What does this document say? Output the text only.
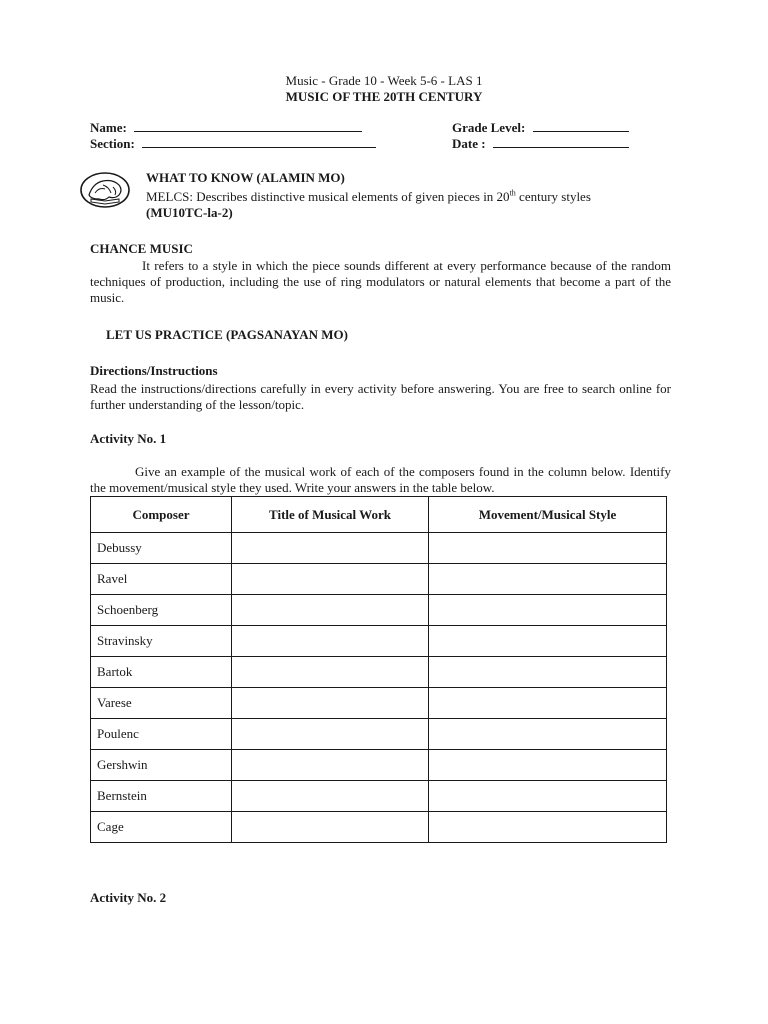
Music - Grade 10 - Week 5-6 - LAS 1
MUSIC OF THE 20TH CENTURY
Name:
Section:
Grade Level:
Date :
WHAT TO KNOW (ALAMIN MO)
MELCS: Describes distinctive musical elements of given pieces in 20th century styles
(MU10TC-la-2)
CHANCE MUSIC
It refers to a style in which the piece sounds different at every performance because of the random techniques of production, including the use of ring modulators or natural elements that become a part of the music.
LET US PRACTICE (PAGSANAYAN MO)
Directions/Instructions
Read the instructions/directions carefully in every activity before answering. You are free to search online for further understanding of the lesson/topic.
Activity No. 1
Give an example of the musical work of each of the composers found in the column below. Identify the movement/musical style they used. Write your answers in the table below.
Composer	Title of Musical Work	Movement/Musical Style
Debussy		
Ravel		
Schoenberg		
Stravinsky		
Bartok		
Varese		
Poulenc		
Gershwin		
Bernstein		
Cage		
Activity No. 2
